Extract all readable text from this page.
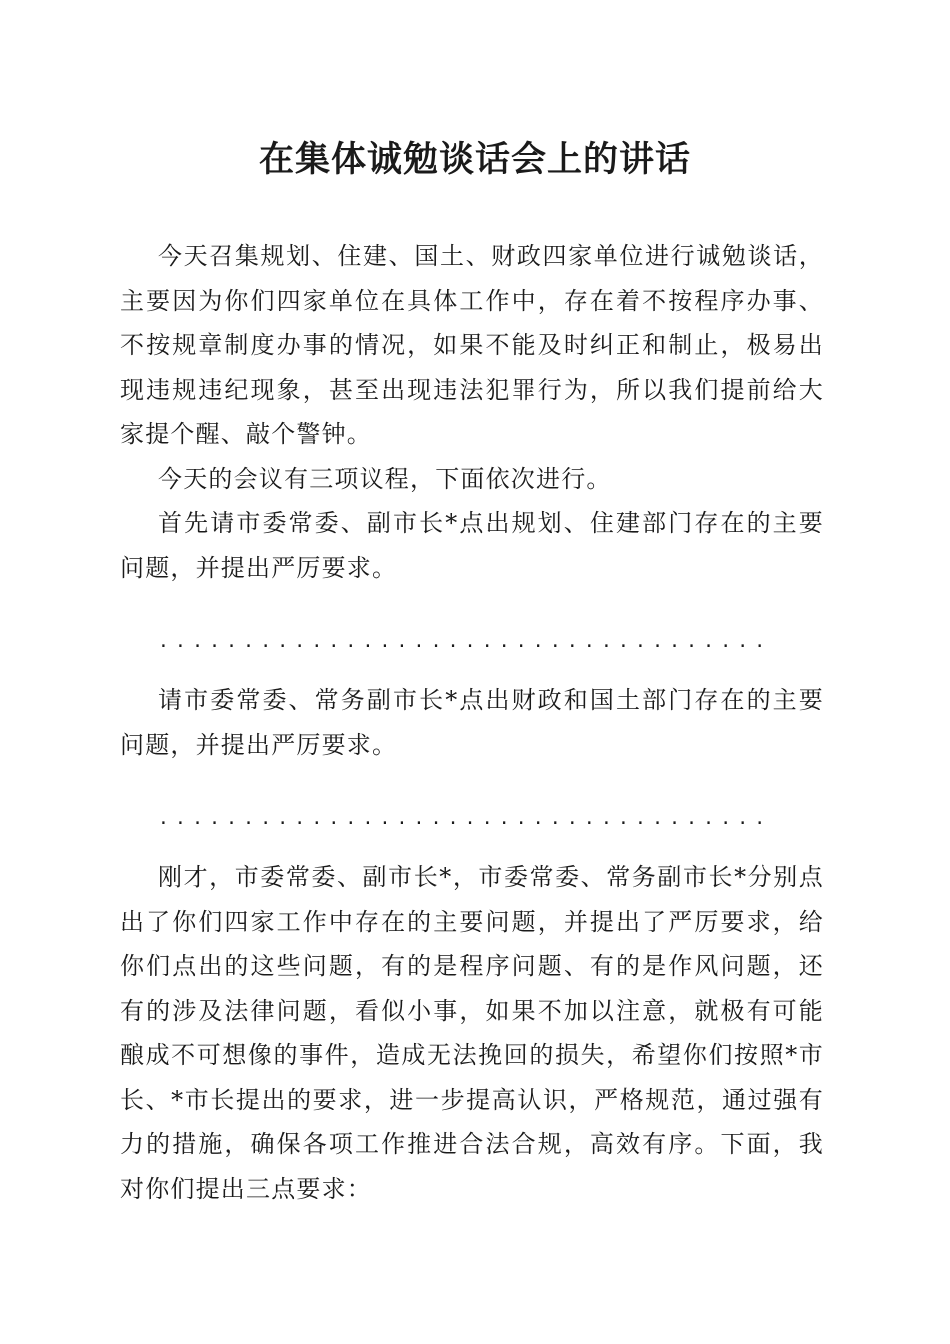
在集体诚勉谈话会上的讲话

今天召集规划、住建、国土、财政四家单位进行诚勉谈话，主要因为你们四家单位在具体工作中，存在着不按程序办事、不按规章制度办事的情况，如果不能及时纠正和制止，极易出现违规违纪现象，甚至出现违法犯罪行为，所以我们提前给大家提个醒、敲个警钟。

今天的会议有三项议程，下面依次进行。

首先请市委常委、副市长*点出规划、住建部门存在的主要问题，并提出严厉要求。

....................................

请市委常委、常务副市长*点出财政和国土部门存在的主要问题，并提出严厉要求。

....................................

刚才，市委常委、副市长*，市委常委、常务副市长*分别点出了你们四家工作中存在的主要问题，并提出了严厉要求，给你们点出的这些问题，有的是程序问题、有的是作风问题，还有的涉及法律问题，看似小事，如果不加以注意，就极有可能酿成不可想像的事件，造成无法挽回的损失，希望你们按照*市长、*市长提出的要求，进一步提高认识，严格规范，通过强有力的措施，确保各项工作推进合法合规，高效有序。下面，我对你们提出三点要求：
